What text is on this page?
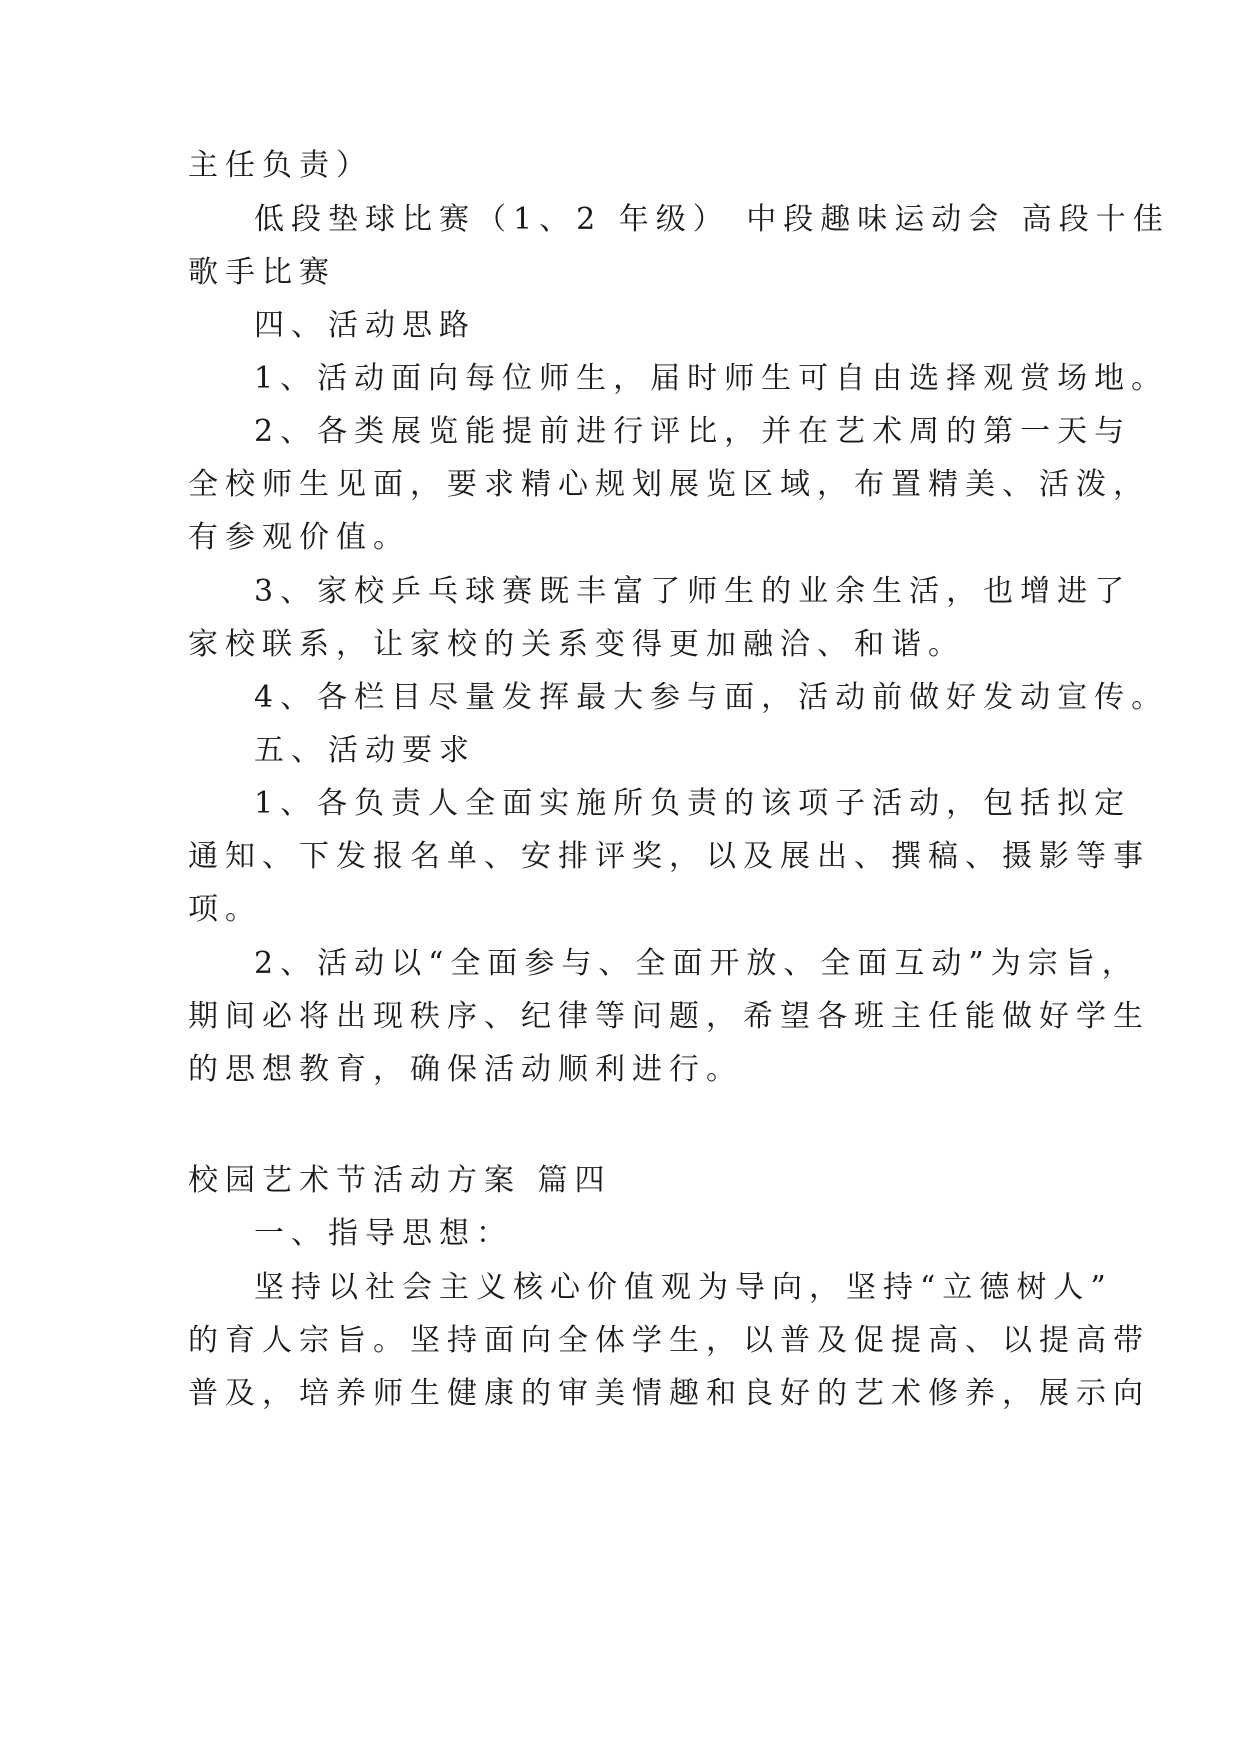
主任负责）
低段垫球比赛（1、2 年级） 中段趣味运动会 高段十佳
歌手比赛
四、活动思路
1、活动面向每位师生，届时师生可自由选择观赏场地。
2、各类展览能提前进行评比，并在艺术周的第一天与
全校师生见面，要求精心规划展览区域，布置精美、活泼，
有参观价值。
3、家校乒乓球赛既丰富了师生的业余生活，也增进了
家校联系，让家校的关系变得更加融洽、和谐。
4、各栏目尽量发挥最大参与面，活动前做好发动宣传。
五、活动要求
1、各负责人全面实施所负责的该项子活动，包括拟定
通知、下发报名单、安排评奖，以及展出、撰稿、摄影等事
项。
2、活动以“全面参与、全面开放、全面互动”为宗旨，
期间必将出现秩序、纪律等问题，希望各班主任能做好学生
的思想教育，确保活动顺利进行。
校园艺术节活动方案 篇四
一、指导思想：
坚持以社会主义核心价值观为导向，坚持“立德树人”
的育人宗旨。坚持面向全体学生，以普及促提高、以提高带
普及，培养师生健康的审美情趣和良好的艺术修养，展示向
